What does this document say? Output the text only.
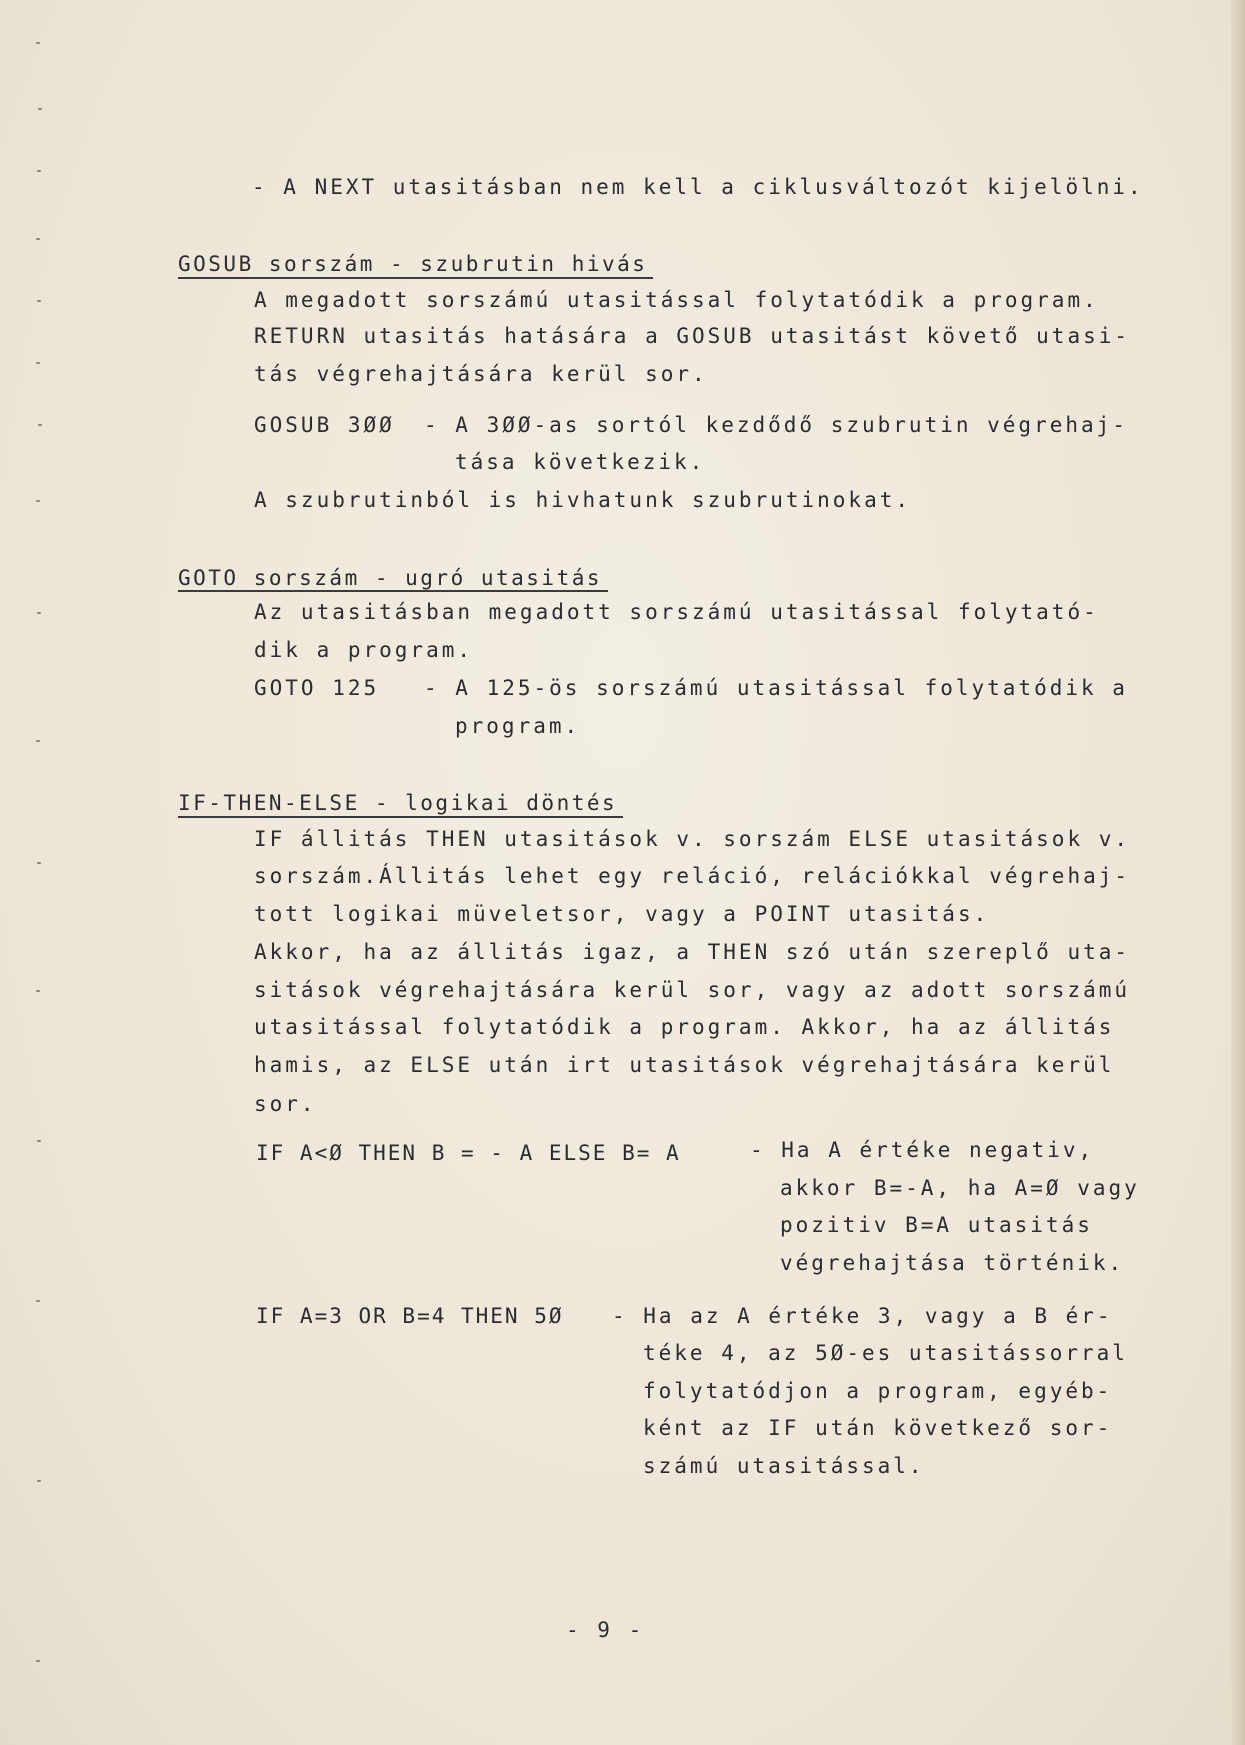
- A NEXT utasitásban nem kell a ciklusváltozót kijelölni.
GOSUB sorszám - szubrutin hivás
A megadott sorszámú utasitással folytatódik a program.
RETURN utasitás hatására a GOSUB utasitást követő utasi-
tás végrehajtására kerül sor.
GOSUB 3ØØ - A 3ØØ-as sortól kezdődő szubrutin végrehaj-
tása következik.
A szubrutinból is hivhatunk szubrutinokat.
GOTO sorszám - ugró utasitás
Az utasitásban megadott sorszámú utasitással folytató-
dik a program.
GOTO 125 - A 125-ös sorszámú utasitással folytatódik a
program.
IF-THEN-ELSE - logikai döntés
IF állitás THEN utasitások v. sorszám ELSE utasitások v.
sorszám.Állitás lehet egy reláció, relációkkal végrehaj-
tott logikai müveletsor, vagy a POINT utasitás.
Akkor, ha az állitás igaz, a THEN szó után szereplő uta-
sitások végrehajtására kerül sor, vagy az adott sorszámú
utasitással folytatódik a program. Akkor, ha az állitás
hamis, az ELSE után irt utasitások végrehajtására kerül
sor.
IF A<Ø THEN B = - A ELSE B= A	- Ha A értéke negativ,
akkor B=-A, ha A=Ø vagy
pozitiv B=A utasitás
végrehajtása történik.
IF A=3 OR B=4 THEN 5Ø - Ha az A értéke 3, vagy a B ér-
téke 4, az 5Ø-es utasitássorral
folytatódjon a program, egyéb-
ként az IF után következő sor-
számú utasitással.
- 9 -
